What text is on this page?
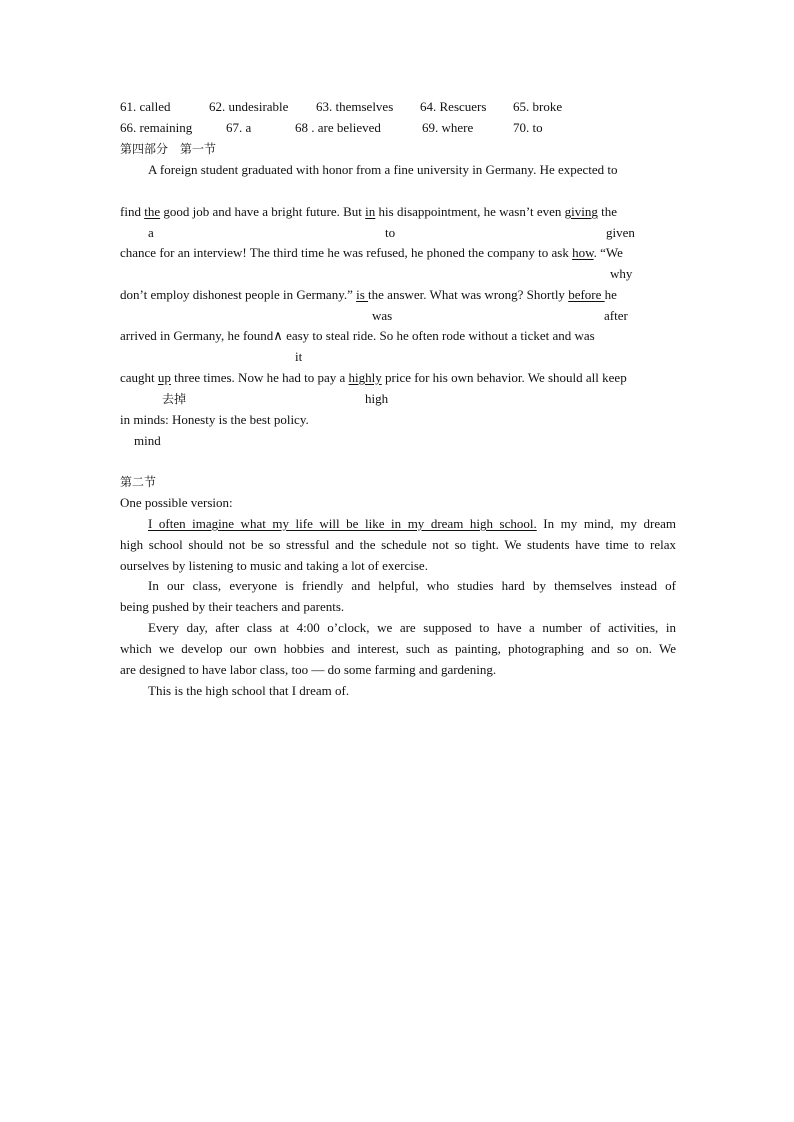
61. called	62. undesirable 63. themselves 64. Rescuers 65. broke
66. remaining	67. a	68 . are believed	69. where	70. to
第四部分　第一节
A foreign student graduated with honor from a fine university in Germany. He expected to
find the good job and have a bright future. But in his disappointment, he wasn’t even giving the
a	to	given
chance for an interview! The third time he was refused, he phoned the company to ask how. “We
why
don’t employ dishonest people in Germany.” is the answer. What was wrong? Shortly before he
was	after
arrived in Germany, he found∧ easy to steal ride. So he often rode without a ticket and was
it
caught up three times. Now he had to pay a highly price for his own behavior. We should all keep
去掉	high
in minds: Honesty is the best policy.
mind
第二节
One possible version:
I often imagine what my life will be like in my dream high school. In my mind, my dream
high school should not be so stressful and the schedule not so tight. We students have time to relax
ourselves by listening to music and taking a lot of exercise.
In our class, everyone is friendly and helpful, who studies hard by themselves instead of
being pushed by their teachers and parents.
Every day, after class at 4:00 o’clock, we are supposed to have a number of activities, in
which we develop our own hobbies and interest, such as painting, photographing and so on. We
are designed to have labor class, too — do some farming and gardening.
This is the high school that I dream of.
